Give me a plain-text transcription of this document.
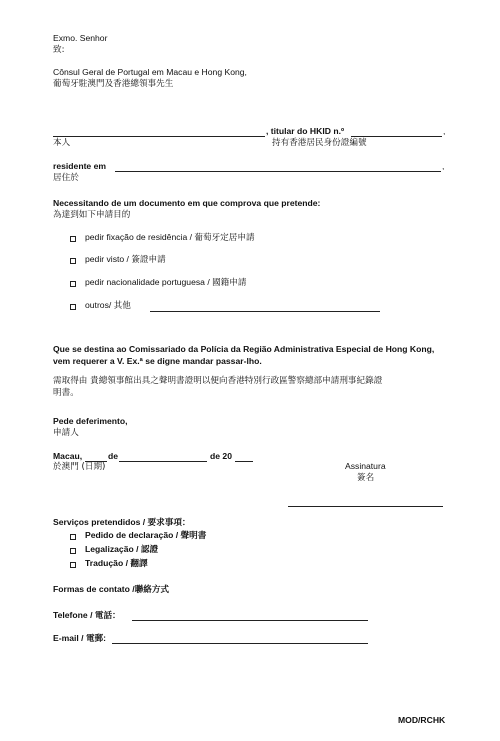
Exmo. Senhor
致:
Cônsul Geral de Portugal em Macau e Hong Kong,
葡萄牙駐澳門及香港總領事先生
, titular do HKID n.º	,
本人	持有香港居民身份證編號
residente em	,
居住於
Necessitando de um documento em que comprova que pretende:
為達到如下申請目的
pedir fixação de residência / 葡萄牙定居申請
pedir visto / 簽證申請
pedir nacionalidade portuguesa / 國籍申請
outros/ 其他
Que se destina ao Comissariado da Polícia da Região Administrativa Especial de Hong Kong,
vem requerer a V. Ex.ª se digne mandar passar-lho.
需取得由 貴總領事館出具之聲明書證明以便向香港特別行政區警察總部申請刑事紀錄證
明書。
Pede deferimento,
申請人
Macau,	de	de 20
於澳門 (日期)	Assinatura
簽名
Serviços pretendidos / 要求事項：
Pedido de declaração / 聲明書
Legalização / 認證
Tradução / 翻譯
Formas de contato /聯絡方式
Telefone / 電話：
E-mail / 電郵:
MOD/RCHK
